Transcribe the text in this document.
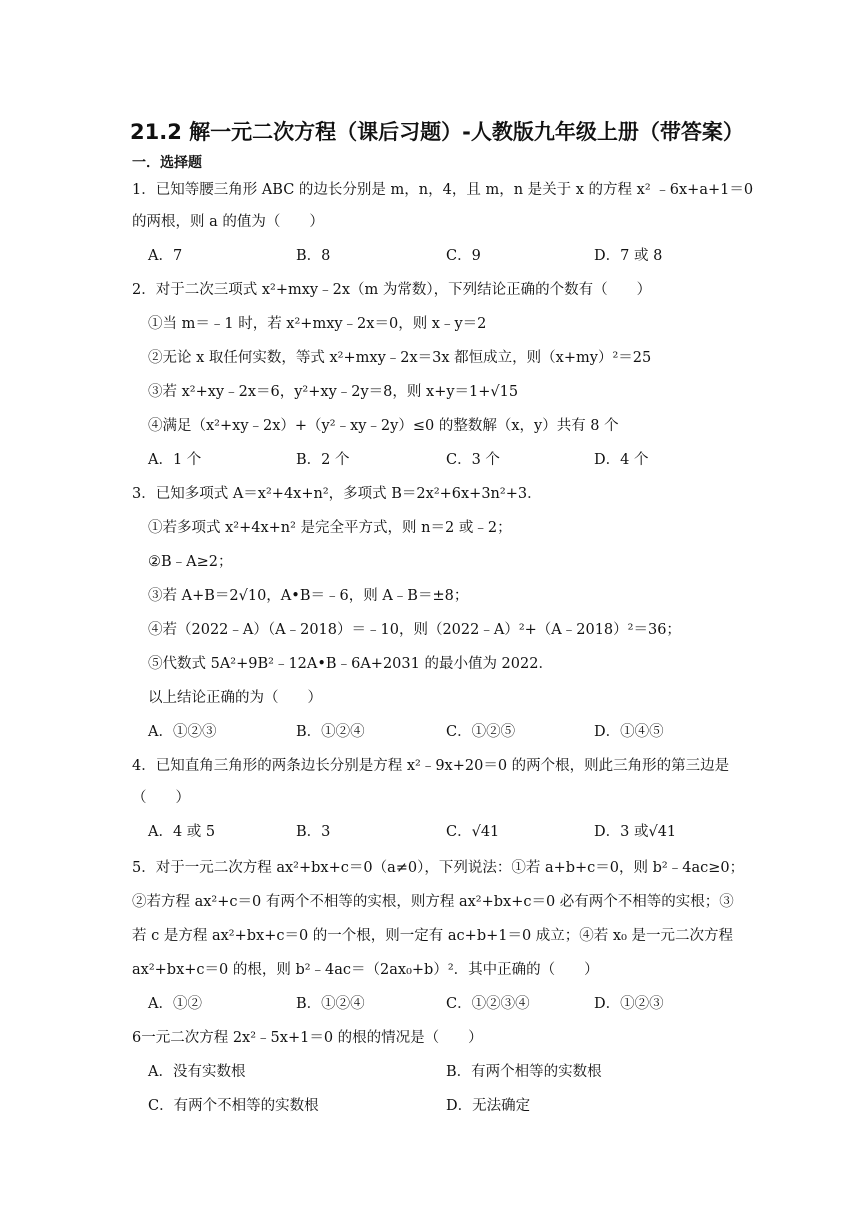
21.2 解一元二次方程（课后习题）-人教版九年级上册（带答案）
一．选择题
1．已知等腰三角形 ABC 的边长分别是 m，n，4，且 m，n 是关于 x 的方程 x² ﹣6x+a+1＝0
的两根，则 a 的值为（　　）
A．7	B．8	C．9	D．7 或 8
2．对于二次三项式 x²+mxy﹣2x（m 为常数），下列结论正确的个数有（　　）
①当 m＝﹣1 时，若 x²+mxy﹣2x＝0，则 x﹣y＝2
②无论 x 取任何实数，等式 x²+mxy﹣2x＝3x 都恒成立，则（x+my）²＝25
③若 x²+xy﹣2x＝6，y²+xy﹣2y＝8，则 x+y＝1+√15
④满足（x²+xy﹣2x）+（y²﹣xy﹣2y）≤0 的整数解（x，y）共有 8 个
A．1 个	B．2 个	C．3 个	D．4 个
3．已知多项式 A＝x²+4x+n²，多项式 B＝2x²+6x+3n²+3．
①若多项式 x²+4x+n² 是完全平方式，则 n＝2 或﹣2；
②B﹣A≥2；
③若 A+B＝2√10，A•B＝﹣6，则 A﹣B＝±8；
④若（2022﹣A）（A﹣2018）＝﹣10，则（2022﹣A）²+（A﹣2018）²＝36；
⑤代数式 5A²+9B²﹣12A•B﹣6A+2031 的最小值为 2022．
以上结论正确的为（　　）
A．①②③	B．①②④	C．①②⑤	D．①④⑤
4．已知直角三角形的两条边长分别是方程 x²﹣9x+20＝0 的两个根，则此三角形的第三边是
（　　）
A．4 或 5	B．3	C．√41	D．3 或√41
5．对于一元二次方程 ax²+bx+c＝0（a≠0），下列说法：①若 a+b+c＝0，则 b²﹣4ac≥0；
②若方程 ax²+c＝0 有两个不相等的实根，则方程 ax²+bx+c＝0 必有两个不相等的实根；③
若 c 是方程 ax²+bx+c＝0 的一个根，则一定有 ac+b+1＝0 成立；④若 x₀ 是一元二次方程
ax²+bx+c＝0 的根，则 b²﹣4ac＝（2ax₀+b）²．其中正确的（　　）
A．①②	B．①②④	C．①②③④	D．①②③
6一元二次方程 2x²﹣5x+1＝0 的根的情况是（　　）
A．没有实数根	B．有两个相等的实数根
C．有两个不相等的实数根	D．无法确定
